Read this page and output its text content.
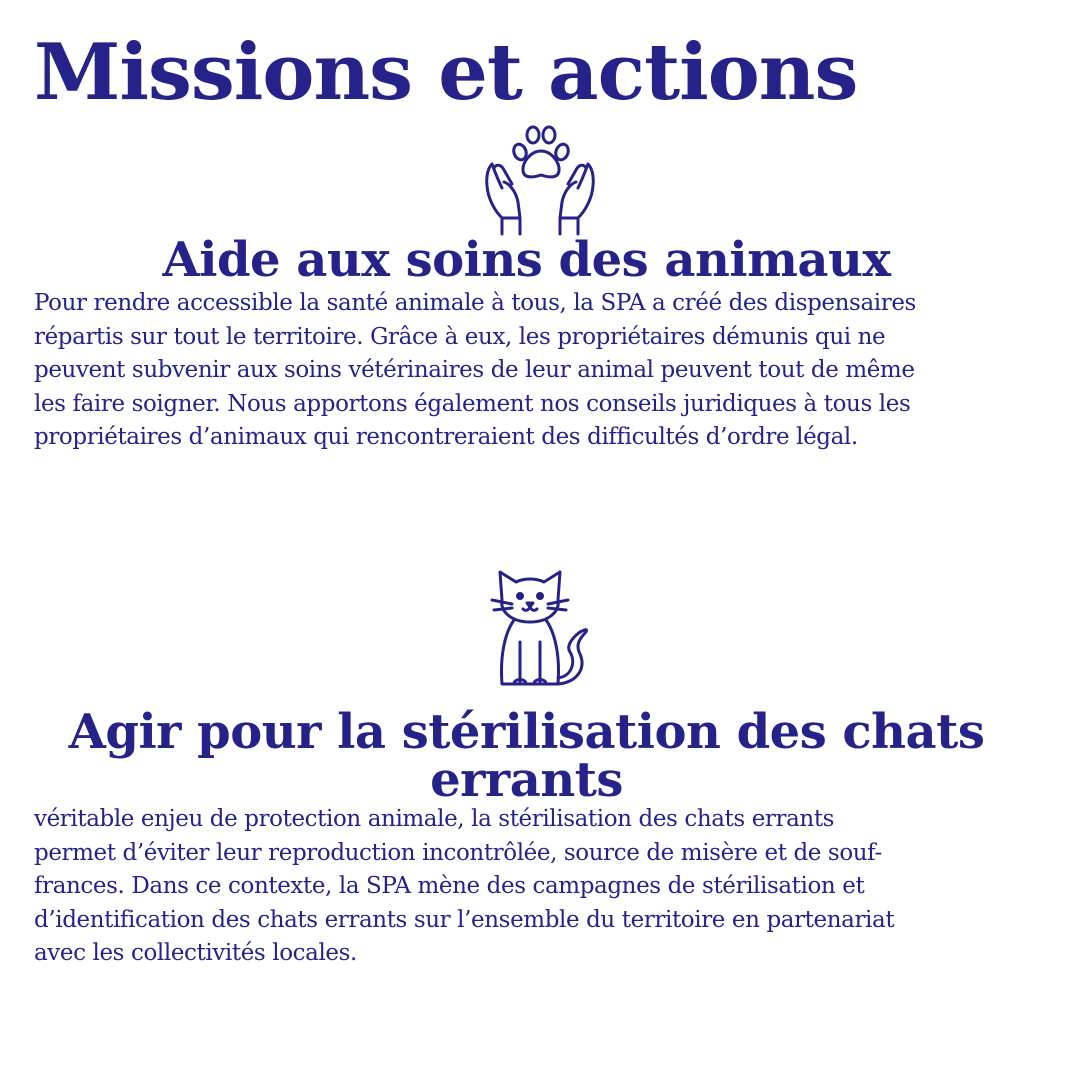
Missions et actions
Aide aux soins des animaux

Pour rendre accessible la santé animale à tous, la SPA a créé des dispensaires
répartis sur tout le territoire. Grâce à eux, les propriétaires démunis qui ne
peuvent subvenir aux soins vétérinaires de leur animal peuvent tout de même
les faire soigner. Nous apportons également nos conseils juridiques à tous les
propriétaires d’animaux qui rencontreraient des difficultés d’ordre légal.

Agir pour la stérilisation des chats errants

véritable enjeu de protection animale, la stérilisation des chats errants
permet d’éviter leur reproduction incontrôlée, source de misère et de souf-
frances. Dans ce contexte, la SPA mène des campagnes de stérilisation et
d’identification des chats errants sur l’ensemble du territoire en partenariat
avec les collectivités locales.
